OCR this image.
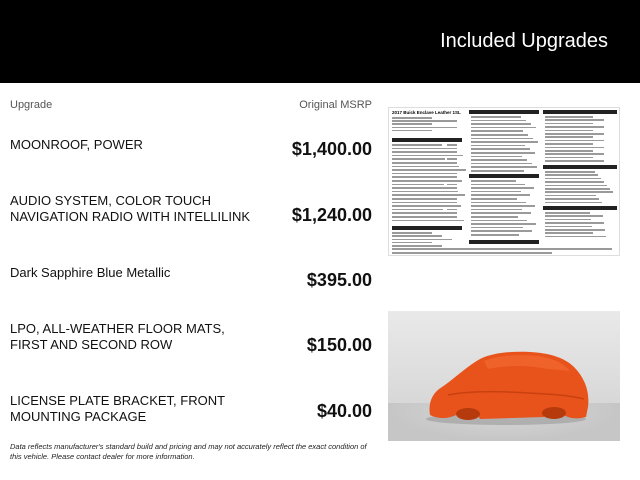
Included Upgrades
Upgrade	Original MSRP
MOONROOF, POWER	$1,400.00
AUDIO SYSTEM, COLOR TOUCH NAVIGATION RADIO WITH INTELLILINK	$1,240.00
Dark Sapphire Blue Metallic	$395.00
LPO, ALL-WEATHER FLOOR MATS, FIRST AND SECOND ROW	$150.00
LICENSE PLATE BRACKET, FRONT MOUNTING PACKAGE	$40.00
Data reflects manufacturer's standard build and pricing and may not accurately reflect the exact condition of this vehicle. Please contact dealer for more information.
2017 Buick Enclave Leather 1SL
